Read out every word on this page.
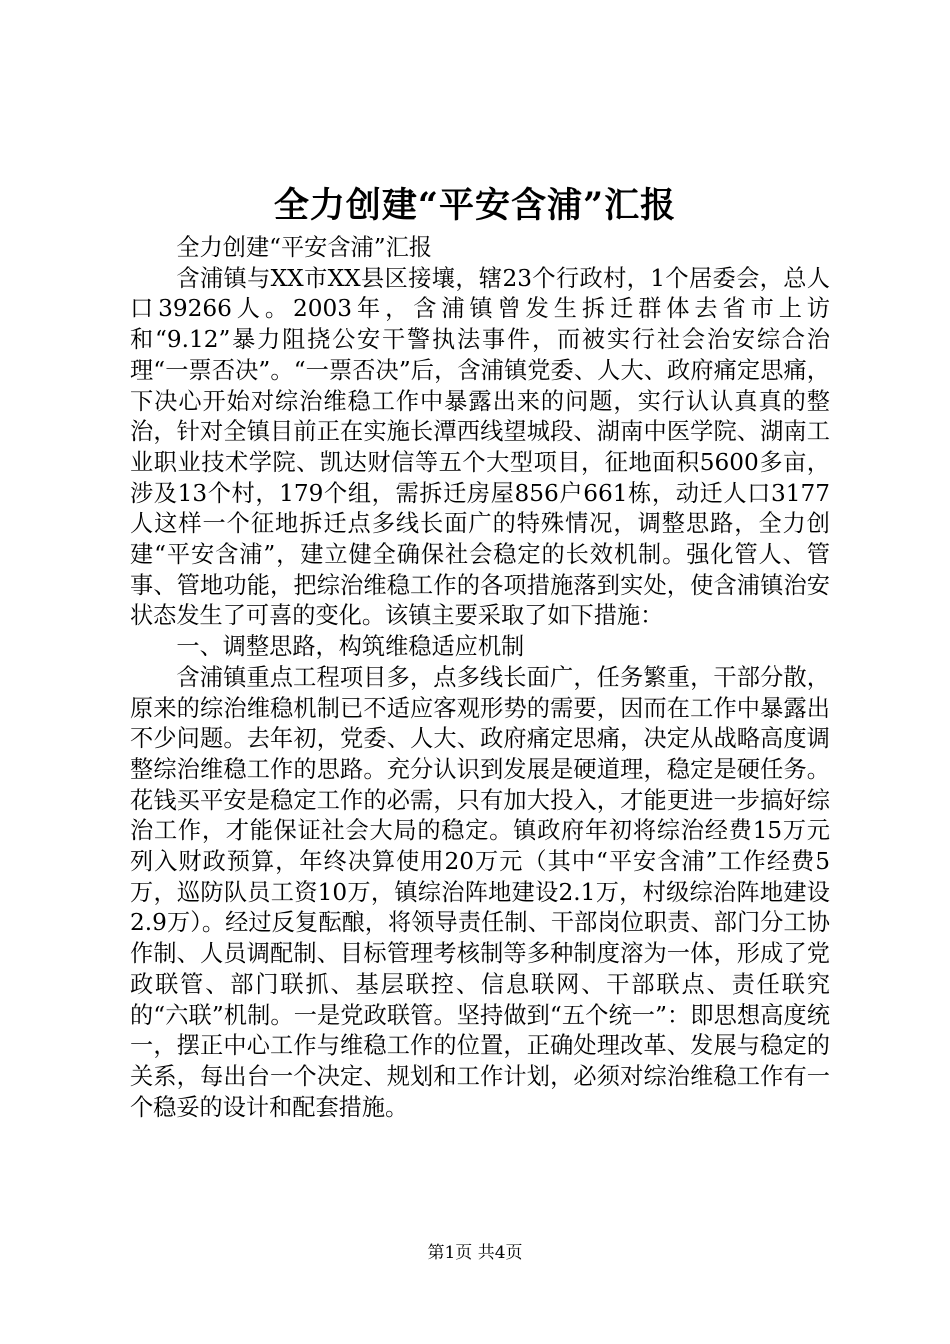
全力创建“平安含浦”汇报

全力创建“平安含浦”汇报

含浦镇与XX市XX县区接壤，辖23个行政村，1个居委会，总人口39266人。2003年，含浦镇曾发生拆迁群体去省市上访和“9.12”暴力阻挠公安干警执法事件，而被实行社会治安综合治理“一票否决”。“一票否决”后，含浦镇党委、人大、政府痛定思痛，下决心开始对综治维稳工作中暴露出来的问题，实行认认真真的整治，针对全镇目前正在实施长潭西线望城段、湖南中医学院、湖南工业职业技术学院、凯达财信等五个大型项目，征地面积5600多亩，涉及13个村，179个组，需拆迁房屋856户661栋，动迁人口3177人这样一个征地拆迁点多线长面广的特殊情况，调整思路，全力创建“平安含浦”，建立健全确保社会稳定的长效机制。强化管人、管事、管地功能，把综治维稳工作的各项措施落到实处，使含浦镇治安状态发生了可喜的变化。该镇主要采取了如下措施：

一、调整思路，构筑维稳适应机制

含浦镇重点工程项目多，点多线长面广，任务繁重，干部分散，原来的综治维稳机制已不适应客观形势的需要，因而在工作中暴露出不少问题。去年初，党委、人大、政府痛定思痛，决定从战略高度调整综治维稳工作的思路。充分认识到发展是硬道理，稳定是硬任务。花钱买平安是稳定工作的必需，只有加大投入，才能更进一步搞好综治工作，才能保证社会大局的稳定。镇政府年初将综治经费15万元列入财政预算，年终决算使用20万元（其中“平安含浦”工作经费5万，巡防队员工资10万，镇综治阵地建设2.1万，村级综治阵地建设2.9万）。经过反复酝酿，将领导责任制、干部岗位职责、部门分工协作制、人员调配制、目标管理考核制等多种制度溶为一体，形成了党政联管、部门联抓、基层联控、信息联网、干部联点、责任联究的“六联”机制。一是党政联管。坚持做到“五个统一”：即思想高度统一，摆正中心工作与维稳工作的位置，正确处理改革、发展与稳定的关系，每出台一个决定、规划和工作计划，必须对综治维稳工作有一个稳妥的设计和配套措施。

第1页 共4页
